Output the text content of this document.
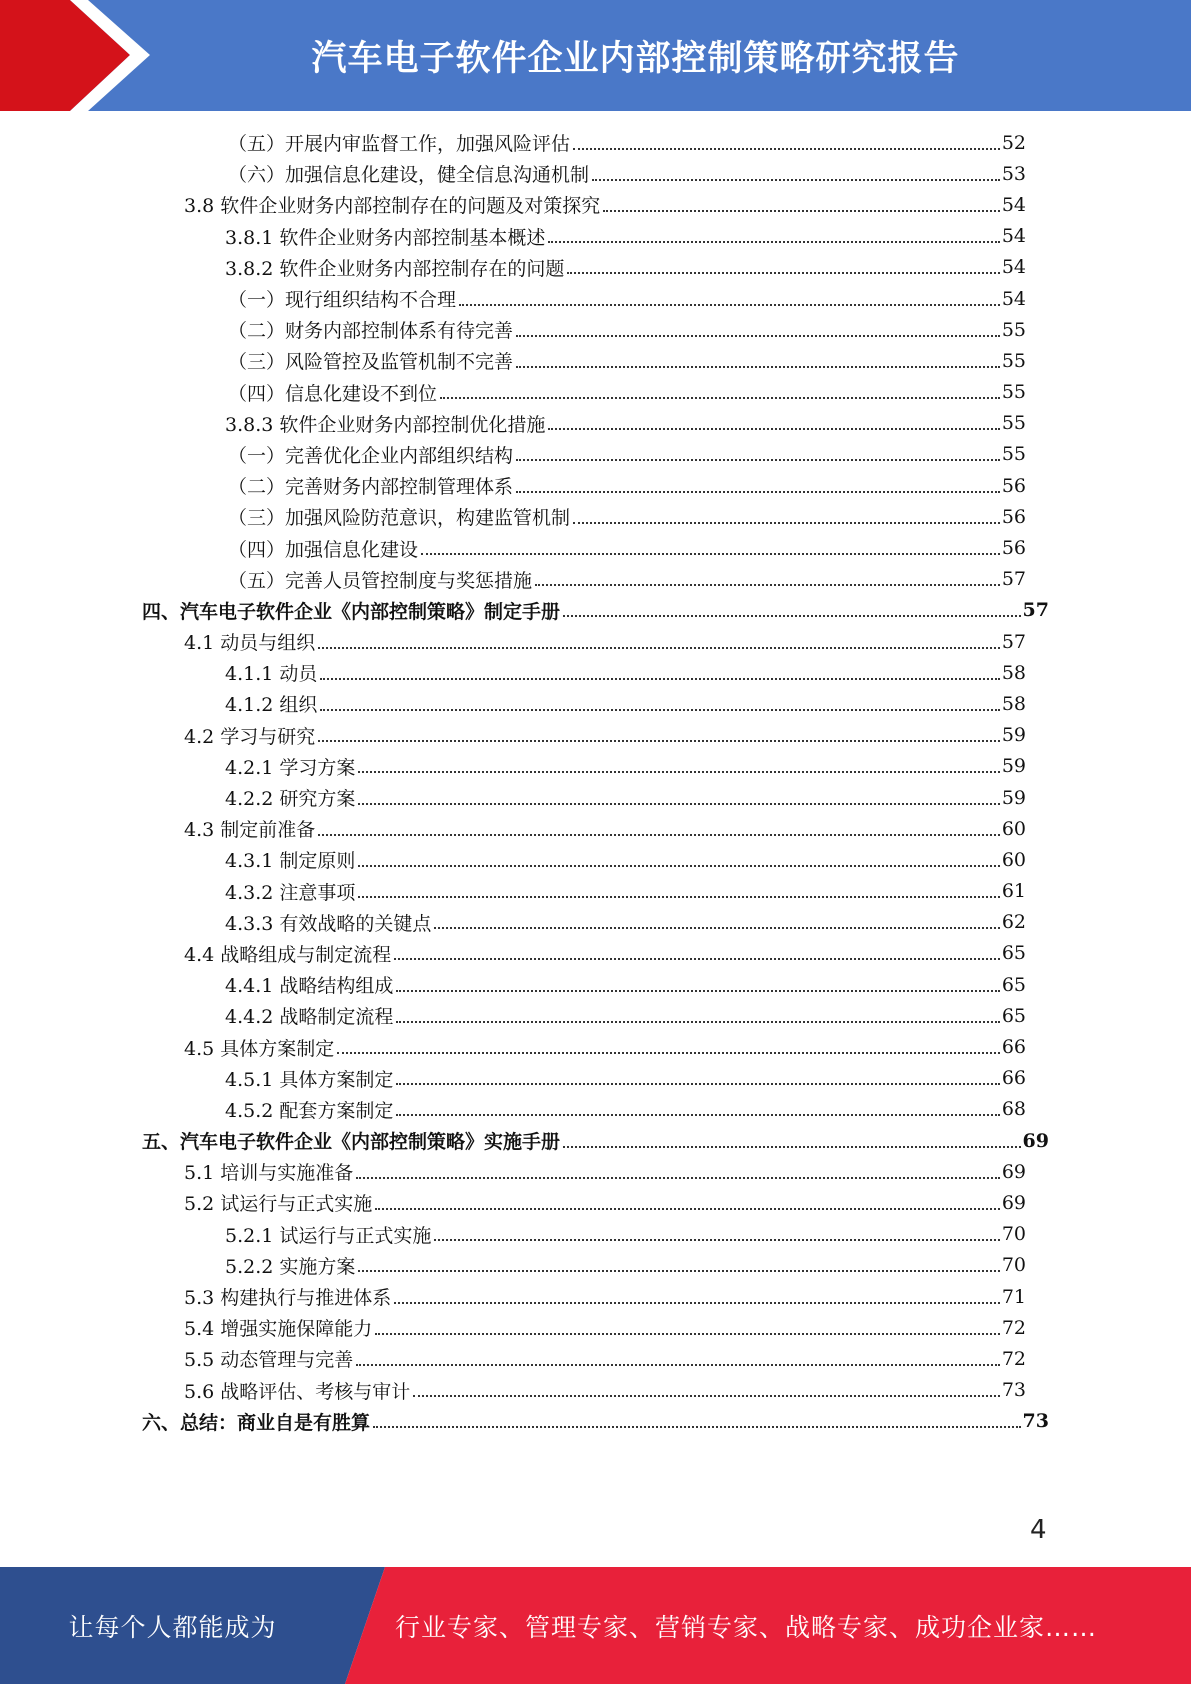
汽车电子软件企业内部控制策略研究报告
（五）开展内审监督工作，加强风险评估	52
（六）加强信息化建设，健全信息沟通机制	53
3.8 软件企业财务内部控制存在的问题及对策探究	54
3.8.1 软件企业财务内部控制基本概述	54
3.8.2 软件企业财务内部控制存在的问题	54
（一）现行组织结构不合理	54
（二）财务内部控制体系有待完善	55
（三）风险管控及监管机制不完善	55
（四）信息化建设不到位	55
3.8.3 软件企业财务内部控制优化措施	55
（一）完善优化企业内部组织结构	55
（二）完善财务内部控制管理体系	56
（三）加强风险防范意识，构建监管机制	56
（四）加强信息化建设	56
（五）完善人员管控制度与奖惩措施	57
四、汽车电子软件企业《内部控制策略》制定手册	57
4.1 动员与组织	57
4.1.1 动员	58
4.1.2 组织	58
4.2 学习与研究	59
4.2.1 学习方案	59
4.2.2 研究方案	59
4.3 制定前准备	60
4.3.1 制定原则	60
4.3.2 注意事项	61
4.3.3 有效战略的关键点	62
4.4 战略组成与制定流程	65
4.4.1 战略结构组成	65
4.4.2 战略制定流程	65
4.5 具体方案制定	66
4.5.1 具体方案制定	66
4.5.2 配套方案制定	68
五、汽车电子软件企业《内部控制策略》实施手册	69
5.1 培训与实施准备	69
5.2 试运行与正式实施	69
5.2.1 试运行与正式实施	70
5.2.2 实施方案	70
5.3 构建执行与推进体系	71
5.4 增强实施保障能力	72
5.5 动态管理与完善	72
5.6 战略评估、考核与审计	73
六、总结：商业自是有胜算	73
4
让每个人都能成为	行业专家、管理专家、营销专家、战略专家、成功企业家……
